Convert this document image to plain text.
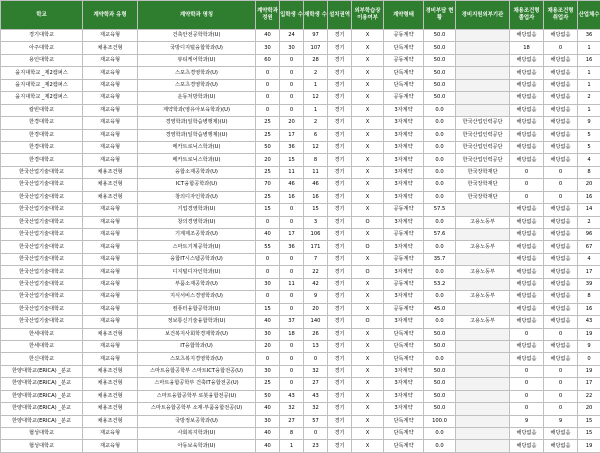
학교	계약학과 유형	계약학과 명칭	계약학과 정원	입학생 수	재학생 수	설치권역	외부학습장 이용여부	계약형태	경비부담 현황	경비지원외부기관	채용조건형 졸업자	채용조건형 취업자	산업체수
경기대학교	재교육형	건축안전공학학과(U)	40	24	97	경기	X	공동계약	50.0		해당없음	해당없음	36
아주대학교	채용조건형	국방디지털융합학과(U)	30	30	107	경기	X	단독계약	50.0		18	0	1
용인대학교	재교육형	뷰티케어학과(U)	60	0	28	경기	X	공동계약	50.0		해당없음	해당없음	16
을지대학교 _제2캠퍼스	재교육형	스포츠경영학과(U)	0	0	2	경기	X	단독계약	50.0		해당없음	해당없음	1
을지대학교 _제2캠퍼스	재교육형	스포츠경영학과(U)	0	0	1	경기	X	단독계약	50.0		해당없음	해당없음	1
을지대학교 _제2캠퍼스	재교육형	운동처방학과(U)	0	0	12	경기	X	공동계약	50.0		해당없음	해당없음	2
칼빈대학교	재교육형	계약학과(영유아보육학과)(U)	0	0	1	경기	X	3자계약	0.0		해당없음	해당없음	1
한경대학교	재교육형	경영학과(일학습병행제)(U)	25	20	2	경기	X	3자계약	0.0	한국산업인력공단	해당없음	해당없음	9
한경대학교	재교육형	경영학과(일학습병행제)(U)	25	17	6	경기	X	3자계약	0.0	한국산업인력공단	해당없음	해당없음	5
한경대학교	재교육형	메카트로닉스학과(U)	50	36	12	경기	X	3자계약	0.0	한국산업인력공단	해당없음	해당없음	5
한경대학교	재교육형	메카트로닉스학과(U)	20	15	8	경기	X	3자계약	0.0	한국산업인력공단	해당없음	해당없음	4
한국산업기술대학교	채용조건형	융합소재공학과(U)	25	11	11	경기	X	3자계약	0.0	한국장학재단	0	0	8
한국산업기술대학교	채용조건형	ICT융합공학과(U)	70	46	46	경기	X	3자계약	0.0	한국장학재단	0	0	20
한국산업기술대학교	채용조건형	창의디자인학과(U)	25	16	16	경기	X	3자계약	0.0	한국장학재단	0	0	16
한국산업기술대학교	재교육형	기업경영학과(U)	15	0	15	경기	X	공동계약	57.5		해당없음	해당없음	14
한국산업기술대학교	재교육형	창의경영학과(U)	0	0	3	경기	O	3자계약	0.0	고용노동부	해당없음	해당없음	2
한국산업기술대학교	재교육형	기계제조공학과(U)	40	17	106	경기	X	공동계약	57.6		해당없음	해당없음	96
한국산업기술대학교	재교육형	스마트기계공학과(U)	55	36	171	경기	O	3자계약	0.0	고용노동부	해당없음	해당없음	67
한국산업기술대학교	재교육형	융합IT시스템공학과(U)	0	0	7	경기	X	공동계약	35.7		해당없음	해당없음	4
한국산업기술대학교	재교육형	디지털디자인학과(U)	0	0	22	경기	O	3자계약	0.0	고용노동부	해당없음	해당없음	17
한국산업기술대학교	재교육형	부품소재공학과(U)	30	11	42	경기	X	공동계약	53.2		해당없음	해당없음	39
한국산업기술대학교	재교육형	지식서비스경영학과(U)	0	0	9	경기	X	3자계약	0.0	고용노동부	해당없음	해당없음	8
한국산업기술대학교	재교육형	컴퓨터융합공학과(U)	15	0	20	경기	X	공동계약	45.0		해당없음	해당없음	16
한국산업기술대학교	재교육형	정보통신기술융합학과(U)	40	37	140	경기	O	3자계약	0.0	고용노동부	해당없음	해당없음	43
한세대학교	채용조건형	보건복지사회학경제학과(U)	30	18	26	경기	X	단독계약	50.0		0	0	19
한세대학교	재교육형	IT융합학과(U)	20	0	13	경기	X	단독계약	50.0		해당없음	해당없음	9
한신대학교	재교육형	스포츠복지경영학과(U)	0	0	0	경기	X	단독계약	0.0		해당없음	해당없음	0
한양대학교(ERICA) _분교	채용조건형	스마트융합공학부 스마트ICT융합전공(U)	30	0	32	경기	X	3자계약	50.0		0	0	19
한양대학교(ERICA) _분교	채용조건형	스마트융합공학부 건축IT융합전공(U)	25	0	27	경기	X	3자계약	50.0		0	0	17
한양대학교(ERICA) _분교	채용조건형	스마트융합공학부 로봇융합전공(U)	50	43	43	경기	X	3자계약	50.0		0	0	22
한양대학교(ERICA) _분교	채용조건형	스마트융합공학부 소재·부품융합전공(U)	40	32	32	경기	X	3자계약	50.0		0	0	20
한양대학교(ERICA) _분교	채용조건형	국방정보공학과(U)	30	27	57	경기	X	단독계약	100.0		9	9	15
협성대학교	재교육형	사회복지학과(U)	40	8	0	경기	X	단독계약	0.0		해당없음	해당없음	15
협성대학교	재교육형	아동보육학과(U)	40	1	23	경기	X	단독계약	0.0		해당없음	해당없음	19
